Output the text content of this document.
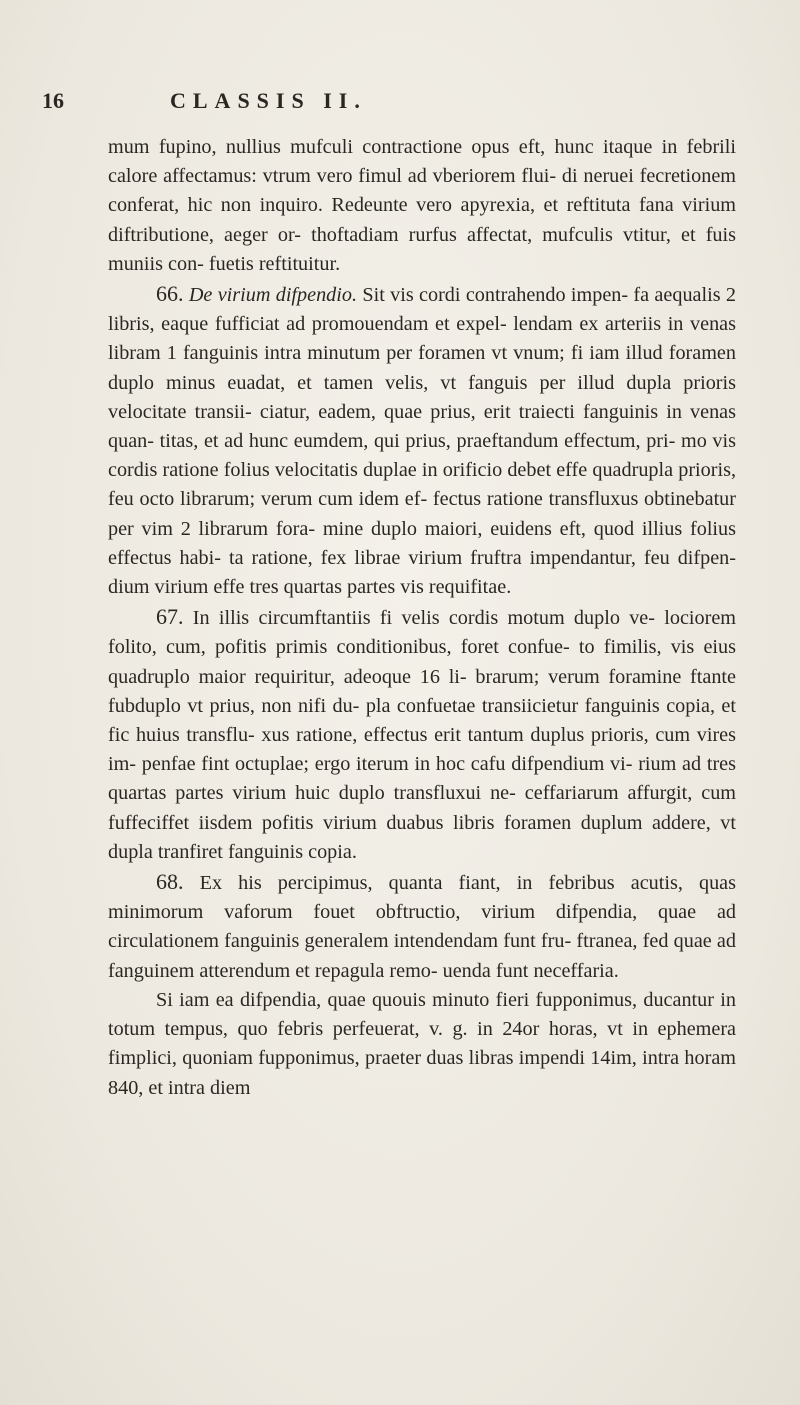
16	CLASSIS II.

mum fupino, nullius mufculi contractione opus eft, hunc itaque in febrili calore affectamus: vtrum vero fimul ad vberiorem flui- di neruei fecretionem conferat, hic non inquiro. Redeunte vero apyrexia, et reftituta fana virium diftributione, aeger or- thoftadiam rurfus affectat, mufculis vtitur, et fuis muniis con- fuetis reftituitur.

66. De virium difpendio. Sit vis cordi contrahendo impen- fa aequalis 2 libris, eaque fufficiat ad promouendam et expel- lendam ex arteriis in venas libram 1 fanguinis intra minutum per foramen vt vnum; fi iam illud foramen duplo minus euadat, et tamen velis, vt fanguis per illud dupla prioris velocitate transii- ciatur, eadem, quae prius, erit traiecti fanguinis in venas quan- titas, et ad hunc eumdem, qui prius, praeftandum effectum, pri- mo vis cordis ratione folius velocitatis duplae in orificio debet effe quadrupla prioris, feu octo librarum; verum cum idem ef- fectus ratione transfluxus obtinebatur per vim 2 librarum fora- mine duplo maiori, euidens eft, quod illius folius effectus habi- ta ratione, fex librae virium fruftra impendantur, feu difpen- dium virium effe tres quartas partes vis requifitae.

67. In illis circumftantiis fi velis cordis motum duplo ve- lociorem folito, cum, pofitis primis conditionibus, foret confue- to fimilis, vis eius quadruplo maior requiritur, adeoque 16 li- brarum; verum foramine ftante fubduplo vt prius, non nifi du- pla confuetae transiicietur fanguinis copia, et fic huius transflu- xus ratione, effectus erit tantum duplus prioris, cum vires im- penfae fint octuplae; ergo iterum in hoc cafu difpendium vi- rium ad tres quartas partes virium huic duplo transfluxui ne- ceffariarum affurgit, cum fuffeciffet iisdem pofitis virium duabus libris foramen duplum addere, vt dupla tranfiret fanguinis copia.

68. Ex his percipimus, quanta fiant, in febribus acutis, quas minimorum vaforum fouet obftructio, virium difpendia, quae ad circulationem fanguinis generalem intendendam funt fru- ftranea, fed quae ad fanguinem atterendum et repagula remo- uenda funt neceffaria.

Si iam ea difpendia, quae quouis minuto fieri fupponimus, ducantur in totum tempus, quo febris perfeuerat, v. g. in 24or horas, vt in ephemera fimplici, quoniam fupponimus, praeter duas libras impendi 14im, intra horam 840, et intra diem
